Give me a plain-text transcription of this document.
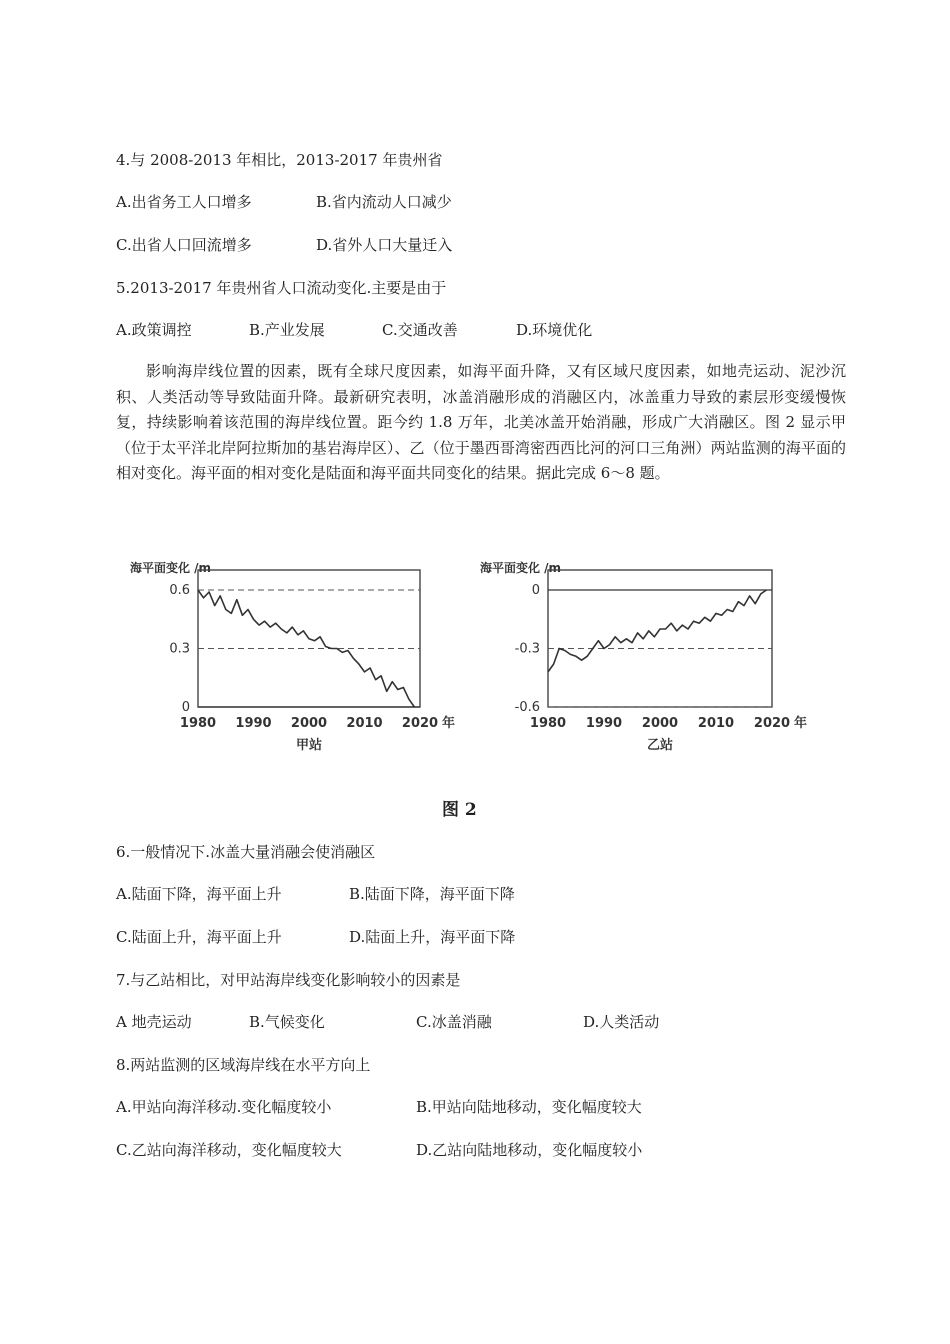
4.与 2008-2013 年相比，2013-2017 年贵州省
A.出省务工人口增多	B.省内流动人口减少
C.出省人口回流增多	D.省外人口大量迁入
5.2013-2017 年贵州省人口流动变化.主要是由于
A.政策调控	B.产业发展	C.交通改善	D.环境优化
影响海岸线位置的因素，既有全球尺度因素，如海平面升降，又有区域尺度因素，如地壳运动、泥沙沉积、人类活动等导致陆面升降。最新研究表明，冰盖消融形成的消融区内，冰盖重力导致的素层形变缓慢恢复，持续影响着该范围的海岸线位置。距今约 1.8 万年，北美冰盖开始消融，形成广大消融区。图 2 显示甲（位于太平洋北岸阿拉斯加的基岩海岸区）、乙（位于墨西哥湾密西西比河的河口三角洲）两站监测的海平面的相对变化。海平面的相对变化是陆面和海平面共同变化的结果。据此完成 6～8 题。
海平面变化 /m
0.6
0.3
0
1980 1990 2000 2010 2020 年
甲站
海平面变化 /m
0
-0.3
-0.6
1980 1990 2000 2010 2020 年
乙站
图 2
6.一般情况下.冰盖大量消融会使消融区
A.陆面下降，海平面上升	B.陆面下降，海平面下降
C.陆面上升，海平面上升	D.陆面上升，海平面下降
7.与乙站相比，对甲站海岸线变化影响较小的因素是
A 地壳运动	B.气候变化	C.冰盖消融	D.人类活动
8.两站监测的区域海岸线在水平方向上
A.甲站向海洋移动.变化幅度较小	B.甲站向陆地移动，变化幅度较大
C.乙站向海洋移动，变化幅度较大	D.乙站向陆地移动，变化幅度较小
